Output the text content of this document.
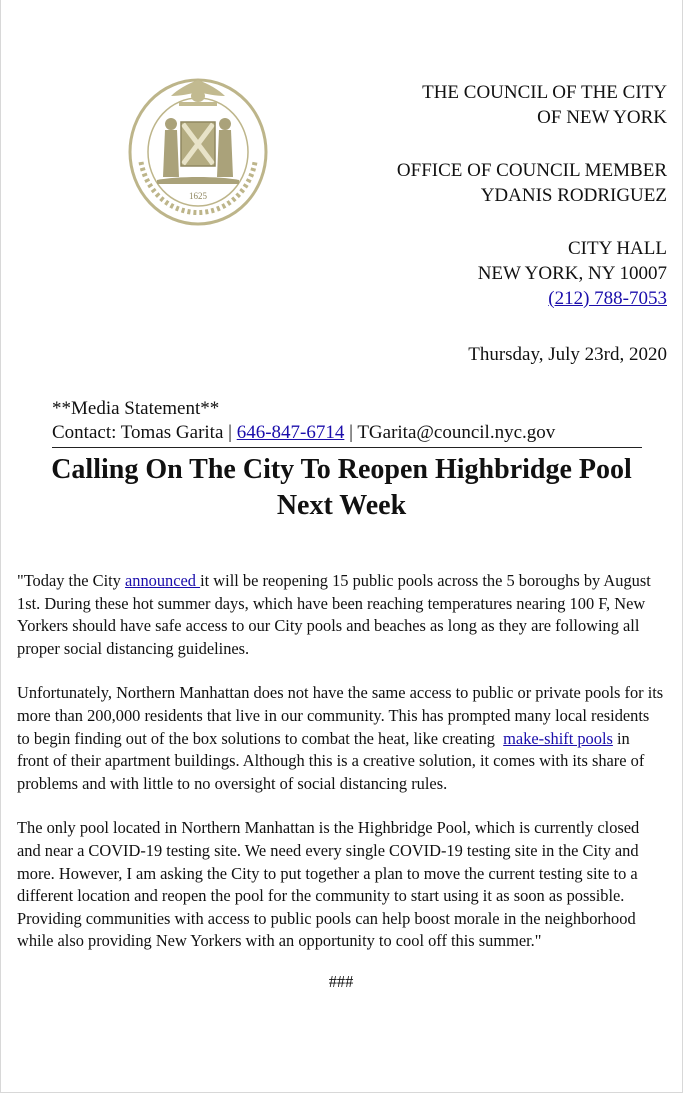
1625
THE COUNCIL OF THE CITY
OF NEW YORK
OFFICE OF COUNCIL MEMBER
YDANIS RODRIGUEZ
CITY HALL
NEW YORK, NY 10007
(212) 788-7053
Thursday, July 23rd, 2020
**Media Statement**
Contact: Tomas Garita | 646-847-6714 | TGarita@council.nyc.gov
Calling On The City To Reopen Highbridge Pool
Next Week

"Today the City announced it will be reopening 15 public pools across the 5 boroughs by August 1st. During these hot summer days, which have been reaching temperatures nearing 100 F, New Yorkers should have safe access to our City pools and beaches as long as they are following all proper social distancing guidelines.

Unfortunately, Northern Manhattan does not have the same access to public or private pools for its more than 200,000 residents that live in our community. This has prompted many local residents to begin finding out of the box solutions to combat the heat, like creating  make-shift pools in front of their apartment buildings. Although this is a creative solution, it comes with its share of problems and with little to no oversight of social distancing rules.

The only pool located in Northern Manhattan is the Highbridge Pool, which is currently closed and near a COVID-19 testing site. We need every single COVID-19 testing site in the City and more. However, I am asking the City to put together a plan to move the current testing site to a different location and reopen the pool for the community to start using it as soon as possible. Providing communities with access to public pools can help boost morale in the neighborhood while also providing New Yorkers with an opportunity to cool off this summer."

###
